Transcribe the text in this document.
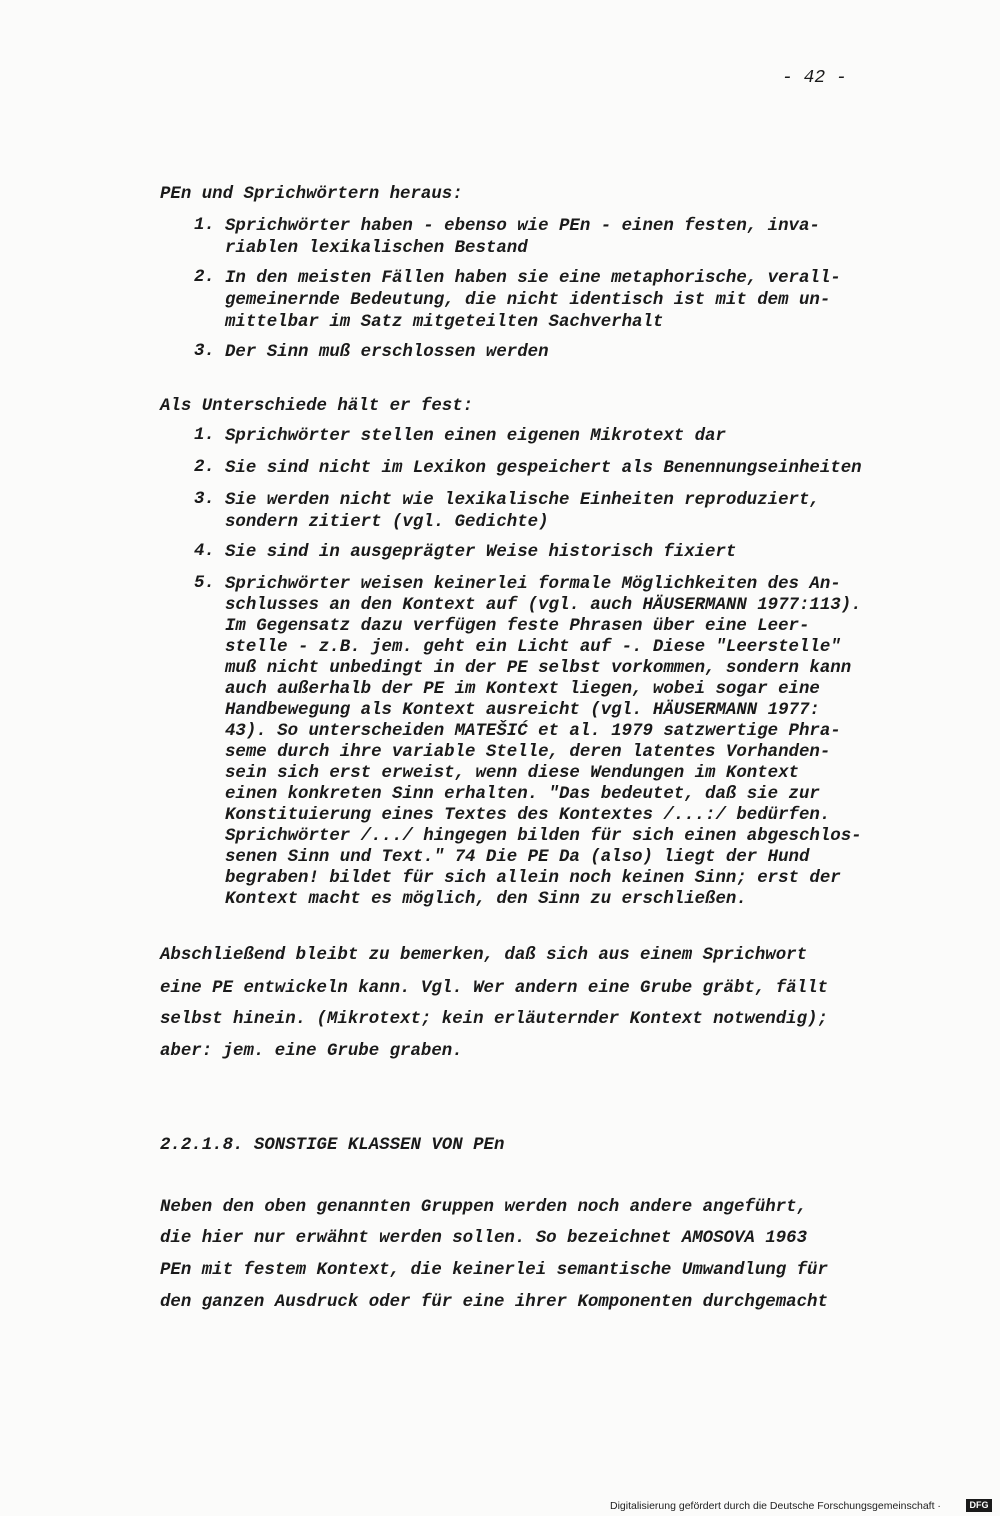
- 42 -
PEn und Sprichwörtern heraus:
1. Sprichwörter haben - ebenso wie PEn - einen festen, inva-
riablen lexikalischen Bestand
2. In den meisten Fällen haben sie eine metaphorische, verall-
gemeinernde Bedeutung, die nicht identisch ist mit dem un-
mittelbar im Satz mitgeteilten Sachverhalt
3. Der Sinn muß erschlossen werden
Als Unterschiede hält er fest:
1. Sprichwörter stellen einen eigenen Mikrotext dar
2. Sie sind nicht im Lexikon gespeichert als Benennungseinheiten
3. Sie werden nicht wie lexikalische Einheiten reproduziert,
sondern zitiert (vgl. Gedichte)
4. Sie sind in ausgeprägter Weise historisch fixiert
5. Sprichwörter weisen keinerlei formale Möglichkeiten des An-
schlusses an den Kontext auf (vgl. auch HÄUSERMANN 1977:113).
Im Gegensatz dazu verfügen feste Phrasen über eine Leer-
stelle - z.B. jem. geht ein Licht auf -. Diese "Leerstelle"
muß nicht unbedingt in der PE selbst vorkommen, sondern kann
auch außerhalb der PE im Kontext liegen, wobei sogar eine
Handbewegung als Kontext ausreicht (vgl. HÄUSERMANN 1977:
43). So unterscheiden MATEŠIĆ et al. 1979 satzwertige Phra-
seme durch ihre variable Stelle, deren latentes Vorhanden-
sein sich erst erweist, wenn diese Wendungen im Kontext
einen konkreten Sinn erhalten. "Das bedeutet, daß sie zur
Konstituierung eines Textes des Kontextes /...:/ bedürfen.
Sprichwörter /.../ hingegen bilden für sich einen abgeschlos-
senen Sinn und Text." 74 Die PE Da (also) liegt der Hund
begraben! bildet für sich allein noch keinen Sinn; erst der
Kontext macht es möglich, den Sinn zu erschließen.
Abschließend bleibt zu bemerken, daß sich aus einem Sprichwort
eine PE entwickeln kann. Vgl. Wer andern eine Grube gräbt, fällt
selbst hinein. (Mikrotext; kein erläuternder Kontext notwendig);
aber: jem. eine Grube graben.
2.2.1.8. SONSTIGE KLASSEN VON PEn
Neben den oben genannten Gruppen werden noch andere angeführt,
die hier nur erwähnt werden sollen. So bezeichnet AMOSOVA 1963
PEn mit festem Kontext, die keinerlei semantische Umwandlung für
den ganzen Ausdruck oder für eine ihrer Komponenten durchgemacht
Digitalisierung gefördert durch die Deutsche Forschungsgemeinschaft ·	DFG
